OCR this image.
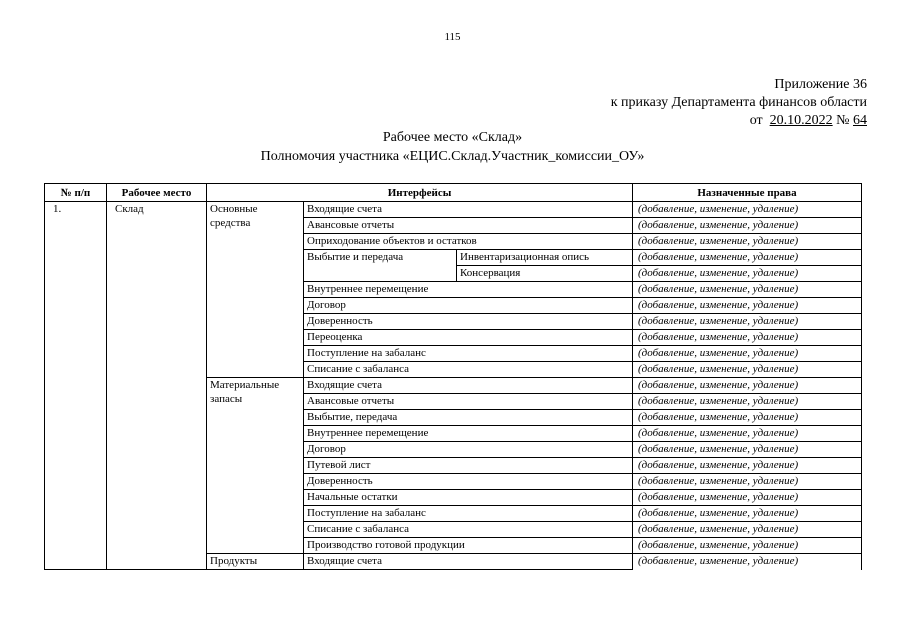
115
Приложение 36
к приказу Департамента финансов области
от 20.10.2022 № 64
Рабочее место «Склад»
Полномочия участника «ЕЦИС.Склад.Участник_комиссии_ОУ»
№ п/п	Рабочее место	Интерфейсы			Назначенные права
1.	Склад	Основные средства	Входящие счета		(добавление, изменение, удаление)
			Авансовые отчеты		(добавление, изменение, удаление)
			Оприходование объектов и остатков		(добавление, изменение, удаление)
			Выбытие и передача	Инвентаризационная опись	(добавление, изменение, удаление)
				Консервация	(добавление, изменение, удаление)
			Внутреннее перемещение		(добавление, изменение, удаление)
			Договор		(добавление, изменение, удаление)
			Доверенность		(добавление, изменение, удаление)
			Переоценка		(добавление, изменение, удаление)
			Поступление на забаланс		(добавление, изменение, удаление)
			Списание с забаланса		(добавление, изменение, удаление)
		Материальные запасы	Входящие счета		(добавление, изменение, удаление)
			Авансовые отчеты		(добавление, изменение, удаление)
			Выбытие, передача		(добавление, изменение, удаление)
			Внутреннее перемещение		(добавление, изменение, удаление)
			Договор		(добавление, изменение, удаление)
			Путевой лист		(добавление, изменение, удаление)
			Доверенность		(добавление, изменение, удаление)
			Начальные остатки		(добавление, изменение, удаление)
			Поступление на забаланс		(добавление, изменение, удаление)
			Списание с забаланса		(добавление, изменение, удаление)
			Производство готовой продукции		(добавление, изменение, удаление)
		Продукты	Входящие счета		(добавление, изменение, удаление)
